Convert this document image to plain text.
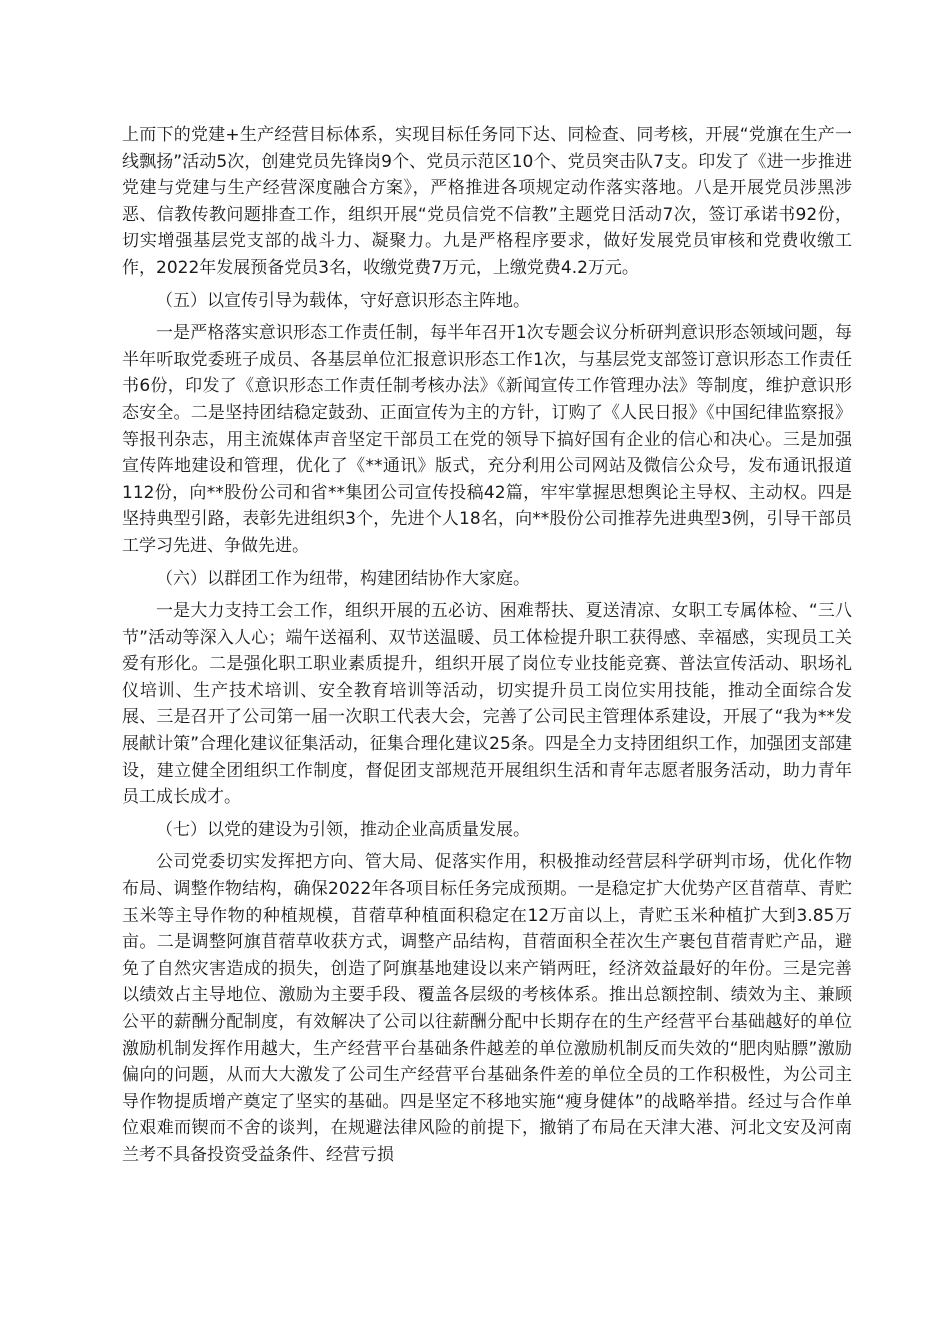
上而下的党建+生产经营目标体系，实现目标任务同下达、同检查、同考核，开展“党旗在生产一线飘扬”活动5次，创建党员先锋岗9个、党员示范区10个、党员突击队7支。印发了《进一步推进党建与党建与生产经营深度融合方案》，严格推进各项规定动作落实落地。八是开展党员涉黑涉恶、信教传教问题排查工作，组织开展“党员信党不信教”主题党日活动7次，签订承诺书92份，切实增强基层党支部的战斗力、凝聚力。九是严格程序要求，做好发展党员审核和党费收缴工作，2022年发展预备党员3名，收缴党费7万元，上缴党费4.2万元。

（五）以宣传引导为载体，守好意识形态主阵地。

一是严格落实意识形态工作责任制，每半年召开1次专题会议分析研判意识形态领域问题，每半年听取党委班子成员、各基层单位汇报意识形态工作1次，与基层党支部签订意识形态工作责任书6份，印发了《意识形态工作责任制考核办法》《新闻宣传工作管理办法》等制度，维护意识形态安全。二是坚持团结稳定鼓劲、正面宣传为主的方针，订购了《人民日报》《中国纪律监察报》等报刊杂志，用主流媒体声音坚定干部员工在党的领导下搞好国有企业的信心和决心。三是加强宣传阵地建设和管理，优化了《**通讯》版式，充分利用公司网站及微信公众号，发布通讯报道112份，向**股份公司和省**集团公司宣传投稿42篇，牢牢掌握思想舆论主导权、主动权。四是坚持典型引路，表彰先进组织3个，先进个人18名，向**股份公司推荐先进典型3例，引导干部员工学习先进、争做先进。

（六）以群团工作为纽带，构建团结协作大家庭。

一是大力支持工会工作，组织开展的五必访、困难帮扶、夏送清凉、女职工专属体检、“三八节”活动等深入人心；端午送福利、双节送温暖、员工体检提升职工获得感、幸福感，实现员工关爱有形化。二是强化职工职业素质提升，组织开展了岗位专业技能竞赛、普法宣传活动、职场礼仪培训、生产技术培训、安全教育培训等活动，切实提升员工岗位实用技能，推动全面综合发展、三是召开了公司第一届一次职工代表大会，完善了公司民主管理体系建设，开展了“我为**发展献计策”合理化建议征集活动，征集合理化建议25条。四是全力支持团组织工作，加强团支部建设，建立健全团组织工作制度，督促团支部规范开展组织生活和青年志愿者服务活动，助力青年员工成长成才。

（七）以党的建设为引领，推动企业高质量发展。

公司党委切实发挥把方向、管大局、促落实作用，积极推动经营层科学研判市场，优化作物布局、调整作物结构，确保2022年各项目标任务完成预期。一是稳定扩大优势产区苜蓿草、青贮玉米等主导作物的种植规模，苜蓿草种植面积稳定在12万亩以上，青贮玉米种植扩大到3.85万亩。二是调整阿旗苜蓿草收获方式，调整产品结构，苜蓿面积全茬次生产裹包苜蓿青贮产品，避免了自然灾害造成的损失，创造了阿旗基地建设以来产销两旺，经济效益最好的年份。三是完善以绩效占主导地位、激励为主要手段、覆盖各层级的考核体系。推出总额控制、绩效为主、兼顾公平的薪酬分配制度，有效解决了公司以往薪酬分配中长期存在的生产经营平台基础越好的单位激励机制发挥作用越大，生产经营平台基础条件越差的单位激励机制反而失效的“肥肉贴膘”激励偏向的问题，从而大大激发了公司生产经营平台基础条件差的单位全员的工作积极性，为公司主导作物提质增产奠定了坚实的基础。四是坚定不移地实施“瘦身健体”的战略举措。经过与合作单位艰难而锲而不舍的谈判，在规避法律风险的前提下，撤销了布局在天津大港、河北文安及河南兰考不具备投资受益条件、经营亏损
